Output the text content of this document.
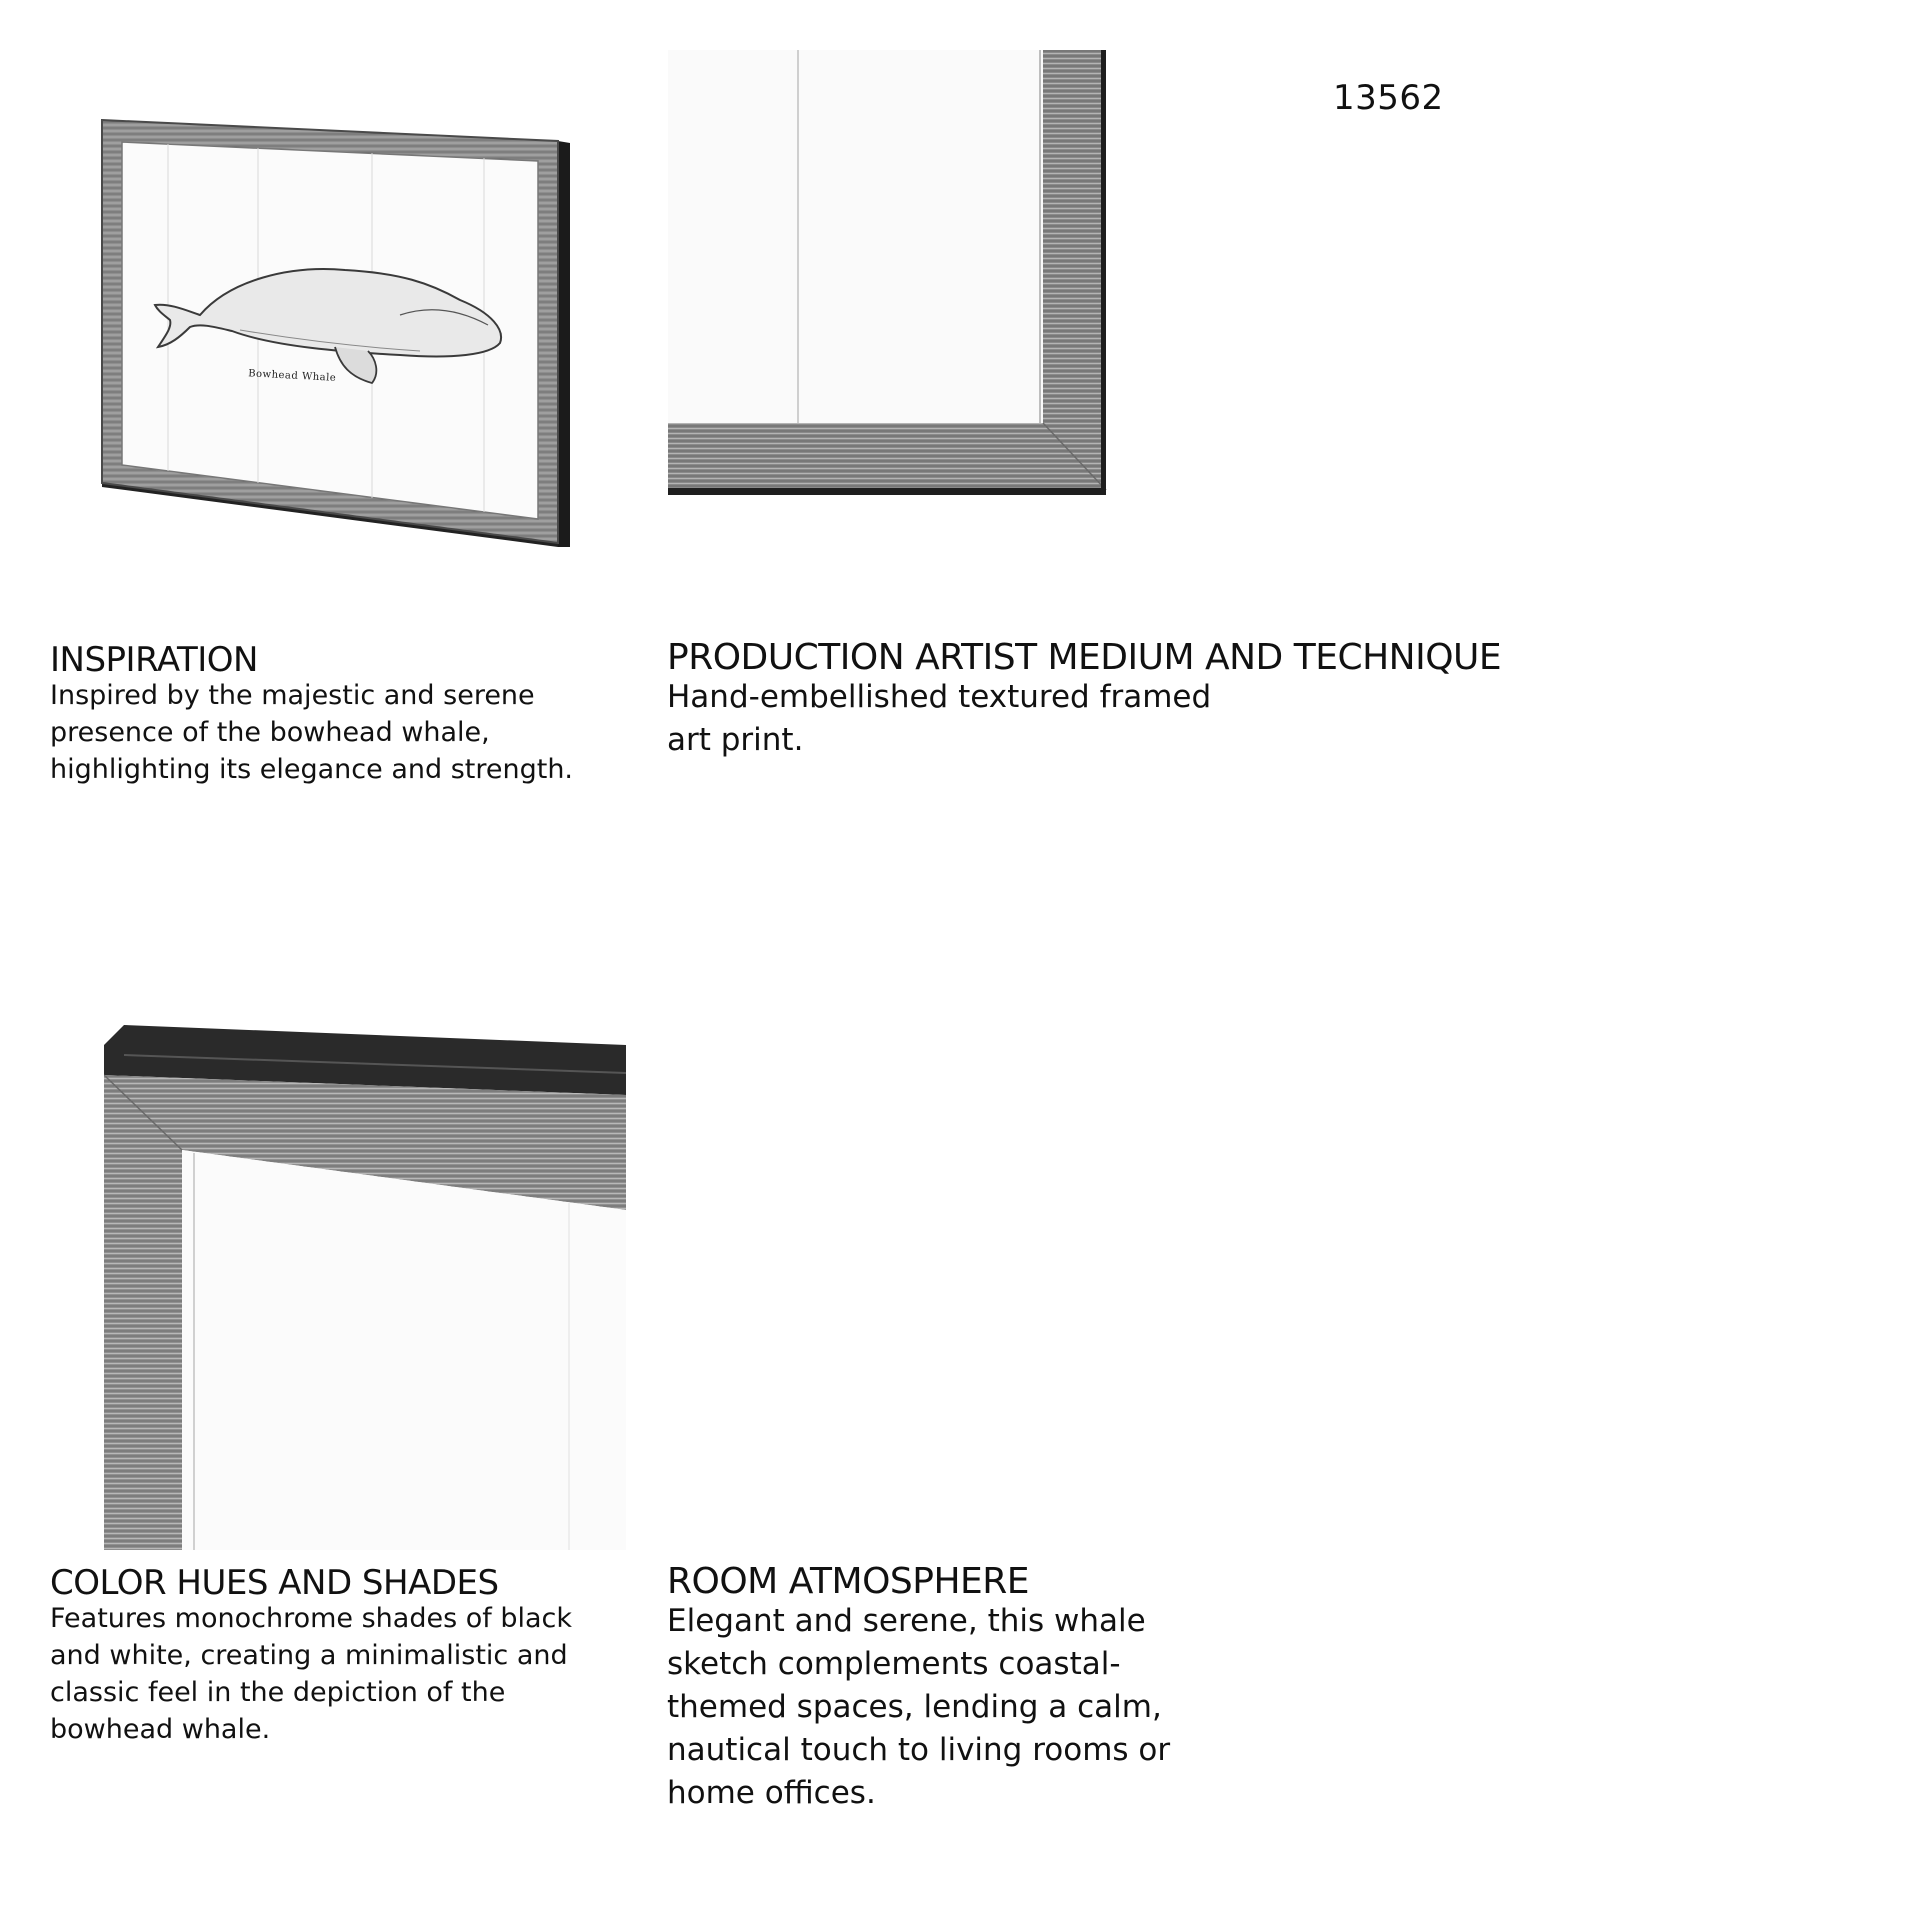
13562
Bowhead Whale
INSPIRATION
Inspired by the majestic and serene presence of the bowhead whale, highlighting its elegance and strength.
PRODUCTION ARTIST MEDIUM AND TECHNIQUE
Hand-embellished textured framed art print.
COLOR HUES AND SHADES
Features monochrome shades of black and white, creating a minimalistic and classic feel in the depiction of the bowhead whale.
ROOM ATMOSPHERE
Elegant and serene, this whale sketch complements coastal-themed spaces, lending a calm, nautical touch to living rooms or home offices.
